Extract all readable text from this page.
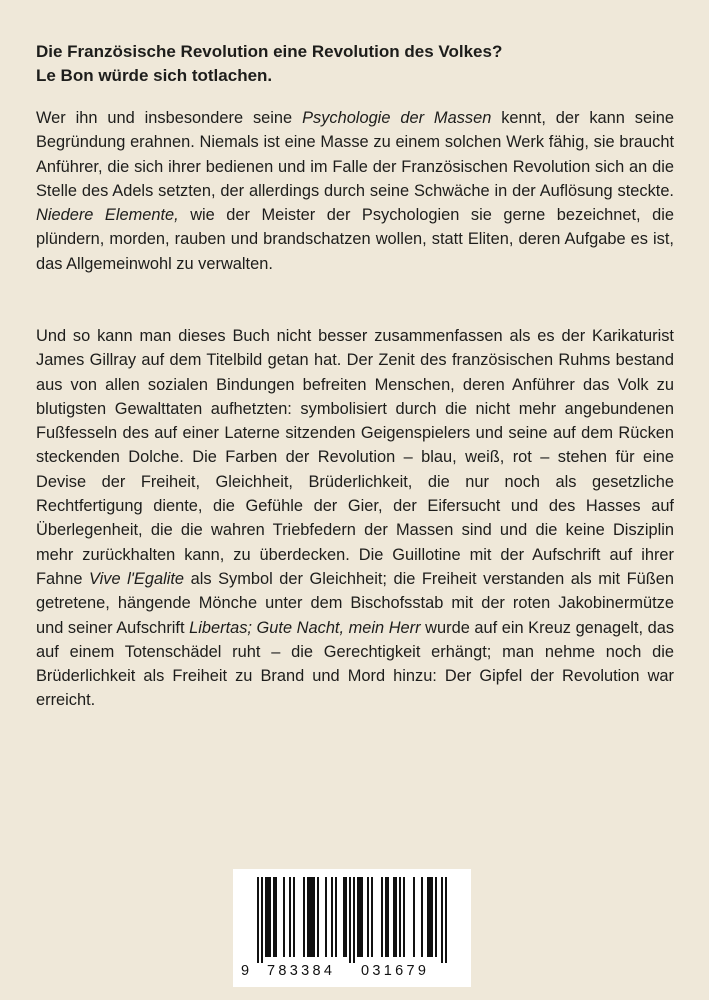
Die Französische Revolution eine Revolution des Volkes?
Le Bon würde sich totlachen.

Wer ihn und insbesondere seine Psychologie der Massen kennt, der kann seine Begründung erahnen. Niemals ist eine Masse zu einem solchen Werk fähig, sie braucht Anführer, die sich ihrer bedienen und im Falle der Französischen Revolution sich an die Stelle des Adels setzten, der allerdings durch seine Schwäche in der Auflösung steckte. Niedere Elemente, wie der Meister der Psychologien sie gerne bezeichnet, die plündern, morden, rauben und brandschatzen wollen, statt Eliten, deren Aufgabe es ist, das Allgemeinwohl zu verwalten.

Und so kann man dieses Buch nicht besser zusammenfassen als es der Karikaturist James Gillray auf dem Titelbild getan hat. Der Zenit des französischen Ruhms bestand aus von allen sozialen Bindungen befreiten Menschen, deren Anführer das Volk zu blutigsten Gewalttaten aufhetzten: symbolisiert durch die nicht mehr angebundenen Fußfesseln des auf einer Laterne sitzenden Geigenspielers und seine auf dem Rücken steckenden Dolche. Die Farben der Revolution – blau, weiß, rot – stehen für eine Devise der Freiheit, Gleichheit, Brüderlichkeit, die nur noch als gesetzliche Rechtfertigung diente, die Gefühle der Gier, der Eifersucht und des Hasses auf Überlegenheit, die die wahren Triebfedern der Massen sind und die keine Disziplin mehr zurückhalten kann, zu überdecken. Die Guillotine mit der Aufschrift auf ihrer Fahne Vive l'Egalite als Symbol der Gleichheit; die Freiheit verstanden als mit Füßen getretene, hängende Mönche unter dem Bischofsstab mit der roten Jakobinermütze und seiner Aufschrift Libertas; Gute Nacht, mein Herr wurde auf ein Kreuz genagelt, das auf einem Totenschädel ruht – die Gerechtigkeit erhängt; man nehme noch die Brüderlichkeit als Freiheit zu Brand und Mord hinzu: Der Gipfel der Revolution war erreicht.

9 783384 031679
